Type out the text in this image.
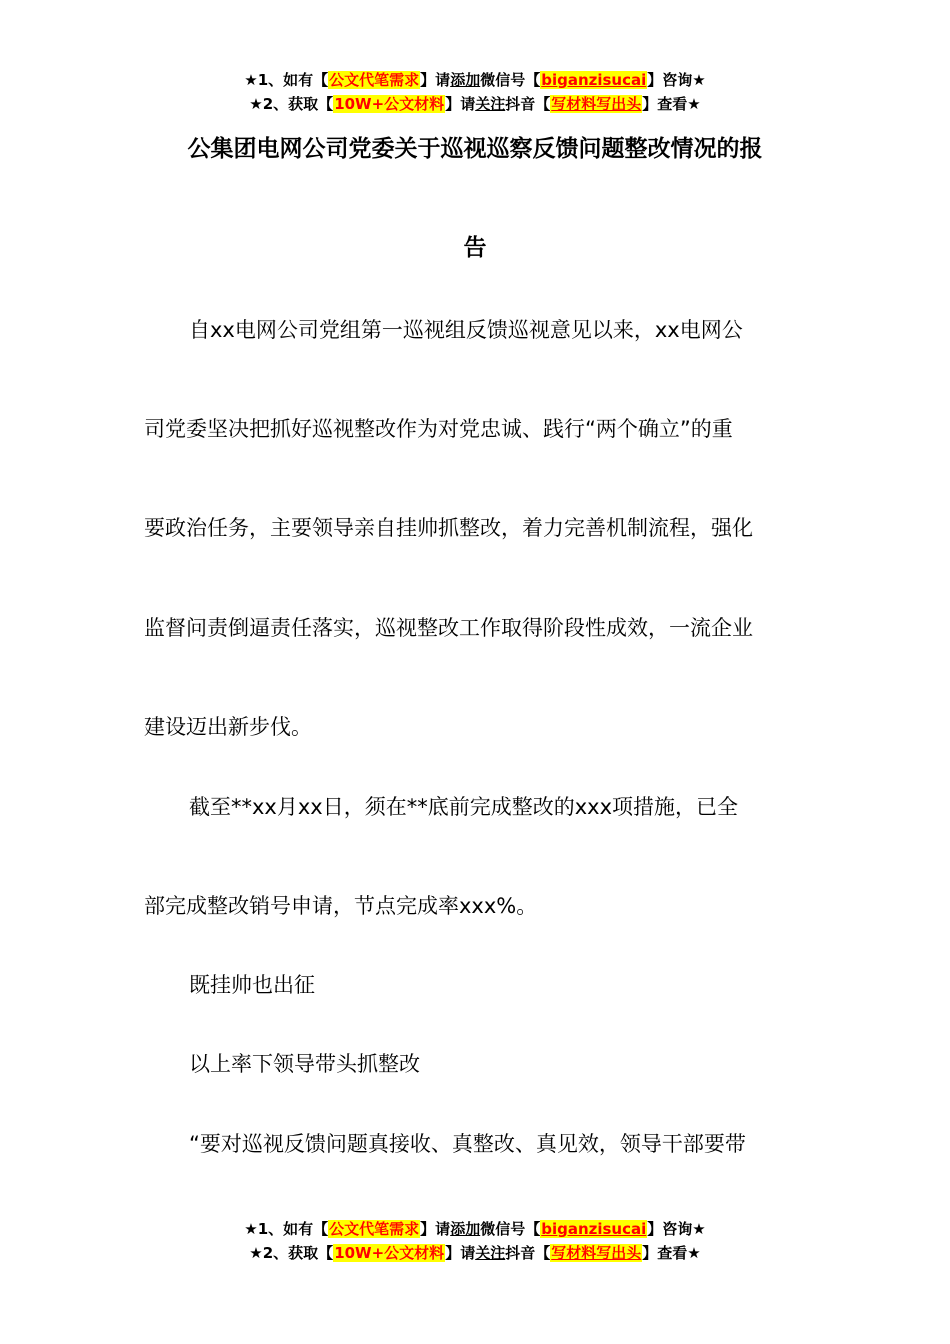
★1、如有【公文代笔需求】请添加微信号【biganzisucai】咨询★
★2、获取【10W+公文材料】请关注抖音【写材料写出头】查看★
公集团电网公司党委关于巡视巡察反馈问题整改情况的报
告

自xx电网公司党组第一巡视组反馈巡视意见以来，xx电网公

司党委坚决把抓好巡视整改作为对党忠诚、践行“两个确立”的重

要政治任务，主要领导亲自挂帅抓整改，着力完善机制流程，强化

监督问责倒逼责任落实，巡视整改工作取得阶段性成效，一流企业

建设迈出新步伐。

截至**xx月xx日，须在**底前完成整改的xxx项措施，已全

部完成整改销号申请，节点完成率xxx%。

既挂帅也出征

以上率下领导带头抓整改

“要对巡视反馈问题真接收、真整改、真见效，领导干部要带

★1、如有【公文代笔需求】请添加微信号【biganzisucai】咨询★
★2、获取【10W+公文材料】请关注抖音【写材料写出头】查看★
